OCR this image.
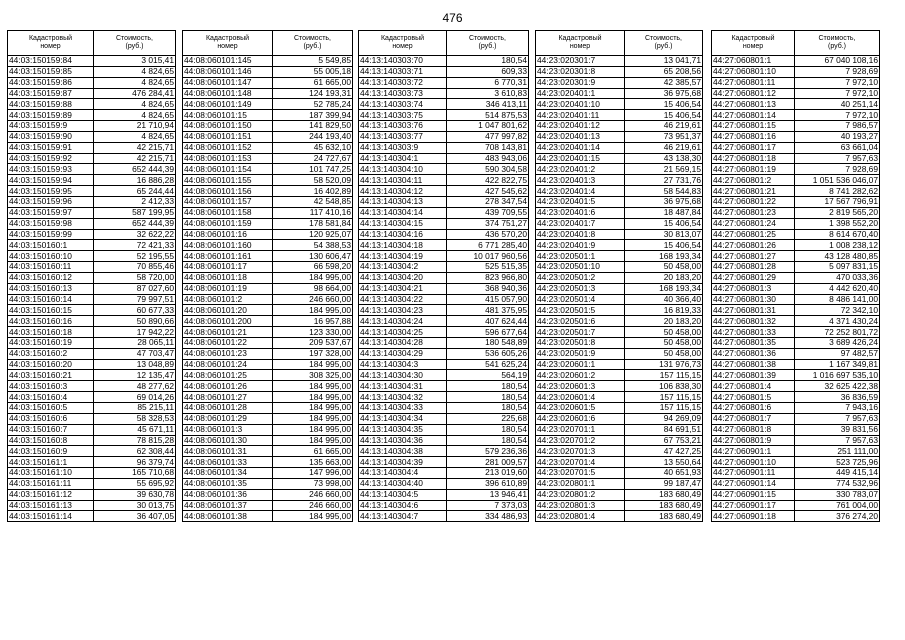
476
Кадастровый
номер	Стоимость,
(руб.)
44:03:150159:84	3 015,41
44:03:150159:85	4 824,65
44:03:150159:86	4 824,65
44:03:150159:87	476 284,41
44:03:150159:88	4 824,65
44:03:150159:89	4 824,65
44:03:150159:9	21 710,94
44:03:150159:90	4 824,65
44:03:150159:91	42 215,71
44:03:150159:92	42 215,71
44:03:150159:93	652 444,39
44:03:150159:94	16 886,28
44:03:150159:95	65 244,44
44:03:150159:96	2 412,33
44:03:150159:97	587 199,95
44:03:150159:98	652 444,39
44:03:150159:99	32 622,22
44:03:150160:1	72 421,33
44:03:150160:10	52 195,55
44:03:150160:11	70 855,46
44:03:150160:12	58 720,00
44:03:150160:13	87 027,60
44:03:150160:14	79 997,51
44:03:150160:15	60 677,33
44:03:150160:16	50 890,66
44:03:150160:18	17 942,22
44:03:150160:19	28 065,11
44:03:150160:2	47 703,47
44:03:150160:20	13 048,89
44:03:150160:21	12 135,47
44:03:150160:3	48 277,62
44:03:150160:4	69 014,26
44:03:150160:5	85 215,11
44:03:150160:6	58 328,53
44:03:150160:7	45 671,11
44:03:150160:8	78 815,28
44:03:150160:9	62 308,44
44:03:150161:1	96 379,74
44:03:150161:10	165 710,68
44:03:150161:11	55 695,92
44:03:150161:12	39 630,78
44:03:150161:13	30 013,75
44:03:150161:14	36 407,05
Кадастровый
номер	Стоимость,
(руб.)
44:08:060101:145	5 549,85
44:08:060101:146	55 005,18
44:08:060101:147	61 665,00
44:08:060101:148	124 193,31
44:08:060101:149	52 785,24
44:08:060101:15	187 399,94
44:08:060101:150	141 829,50
44:08:060101:151	244 193,40
44:08:060101:152	45 632,10
44:08:060101:153	24 727,67
44:08:060101:154	101 747,25
44:08:060101:155	58 520,09
44:08:060101:156	16 402,89
44:08:060101:157	42 548,85
44:08:060101:158	117 410,16
44:08:060101:159	178 581,84
44:08:060101:16	120 925,07
44:08:060101:160	54 388,53
44:08:060101:161	130 606,47
44:08:060101:17	66 598,20
44:08:060101:18	184 995,00
44:08:060101:19	98 664,00
44:08:060101:2	246 660,00
44:08:060101:20	184 995,00
44:08:060101:200	16 957,88
44:08:060101:21	123 330,00
44:08:060101:22	209 537,67
44:08:060101:23	197 328,00
44:08:060101:24	184 995,00
44:08:060101:25	308 325,00
44:08:060101:26	184 995,00
44:08:060101:27	184 995,00
44:08:060101:28	184 995,00
44:08:060101:29	184 995,00
44:08:060101:3	184 995,00
44:08:060101:30	184 995,00
44:08:060101:31	61 665,00
44:08:060101:33	135 663,00
44:08:060101:34	147 996,00
44:08:060101:35	73 998,00
44:08:060101:36	246 660,00
44:08:060101:37	246 660,00
44:08:060101:38	184 995,00
Кадастровый
номер	Стоимость,
(руб.)
44:13:140303:70	180,54
44:13:140303:71	609,33
44:13:140303:72	6 770,31
44:13:140303:73	3 610,83
44:13:140303:74	346 413,11
44:13:140303:75	514 875,53
44:13:140303:76	1 047 801,62
44:13:140303:77	477 997,82
44:13:140303:9	708 143,81
44:13:140304:1	483 943,06
44:13:140304:10	590 304,58
44:13:140304:11	422 822,75
44:13:140304:12	427 545,62
44:13:140304:13	278 347,54
44:13:140304:14	439 709,55
44:13:140304:15	374 751,27
44:13:140304:16	436 570,20
44:13:140304:18	6 771 285,40
44:13:140304:19	10 017 960,56
44:13:140304:2	525 515,35
44:13:140304:20	823 966,80
44:13:140304:21	368 940,36
44:13:140304:22	415 057,90
44:13:140304:23	481 375,95
44:13:140304:24	407 624,44
44:13:140304:25	596 677,64
44:13:140304:28	180 548,89
44:13:140304:29	536 605,26
44:13:140304:3	541 625,24
44:13:140304:30	564,19
44:13:140304:31	180,54
44:13:140304:32	180,54
44:13:140304:33	180,54
44:13:140304:34	225,68
44:13:140304:35	180,54
44:13:140304:36	180,54
44:13:140304:38	579 236,36
44:13:140304:39	281 009,57
44:13:140304:4	213 019,60
44:13:140304:40	396 610,89
44:13:140304:5	13 946,41
44:13:140304:6	7 373,03
44:13:140304:7	334 486,93
Кадастровый
номер	Стоимость,
(руб.)
44:23:020301:7	13 041,71
44:23:020301:8	65 208,56
44:23:020301:9	42 385,57
44:23:020401:1	36 975,68
44:23:020401:10	15 406,54
44:23:020401:11	15 406,54
44:23:020401:12	46 219,61
44:23:020401:13	73 951,37
44:23:020401:14	46 219,61
44:23:020401:15	43 138,30
44:23:020401:2	21 569,15
44:23:020401:3	27 731,76
44:23:020401:4	58 544,83
44:23:020401:5	36 975,68
44:23:020401:6	18 487,84
44:23:020401:7	15 406,54
44:23:020401:8	30 813,07
44:23:020401:9	15 406,54
44:23:020501:1	168 193,34
44:23:020501:10	50 458,00
44:23:020501:2	20 183,20
44:23:020501:3	168 193,34
44:23:020501:4	40 366,40
44:23:020501:5	16 819,33
44:23:020501:6	20 183,20
44:23:020501:7	50 458,00
44:23:020501:8	50 458,00
44:23:020501:9	50 458,00
44:23:020601:1	131 976,73
44:23:020601:2	157 115,15
44:23:020601:3	106 838,30
44:23:020601:4	157 115,15
44:23:020601:5	157 115,15
44:23:020601:6	94 269,09
44:23:020701:1	84 691,51
44:23:020701:2	67 753,21
44:23:020701:3	47 427,25
44:23:020701:4	13 550,64
44:23:020701:5	40 651,93
44:23:020801:1	99 187,47
44:23:020801:2	183 680,49
44:23:020801:3	183 680,49
44:23:020801:4	183 680,49
Кадастровый
номер	Стоимость,
(руб.)
44:27:060801:1	67 040 108,16
44:27:060801:10	7 928,69
44:27:060801:11	7 972,10
44:27:060801:12	7 972,10
44:27:060801:13	40 251,14
44:27:060801:14	7 972,10
44:27:060801:15	7 986,57
44:27:060801:16	40 193,27
44:27:060801:17	63 661,04
44:27:060801:18	7 957,63
44:27:060801:19	7 928,69
44:27:060801:2	1 051 536 046,07
44:27:060801:21	8 741 282,62
44:27:060801:22	17 567 796,91
44:27:060801:23	2 819 565,20
44:27:060801:24	1 398 552,20
44:27:060801:25	8 614 670,40
44:27:060801:26	1 008 238,12
44:27:060801:27	43 128 480,85
44:27:060801:28	5 097 831,15
44:27:060801:29	470 033,36
44:27:060801:3	4 442 620,40
44:27:060801:30	8 486 141,00
44:27:060801:31	72 342,10
44:27:060801:32	4 371 430,24
44:27:060801:33	72 252 801,72
44:27:060801:35	3 689 426,24
44:27:060801:36	97 482,57
44:27:060801:38	1 167 349,81
44:27:060801:39	1 016 697 535,10
44:27:060801:4	32 625 422,38
44:27:060801:5	36 836,59
44:27:060801:6	7 943,16
44:27:060801:7	7 957,63
44:27:060801:8	39 831,56
44:27:060801:9	7 957,63
44:27:060901:1	251 111,00
44:27:060901:10	523 725,96
44:27:060901:11	449 415,14
44:27:060901:14	774 532,96
44:27:060901:15	330 783,07
44:27:060901:17	761 004,00
44:27:060901:18	376 274,20
